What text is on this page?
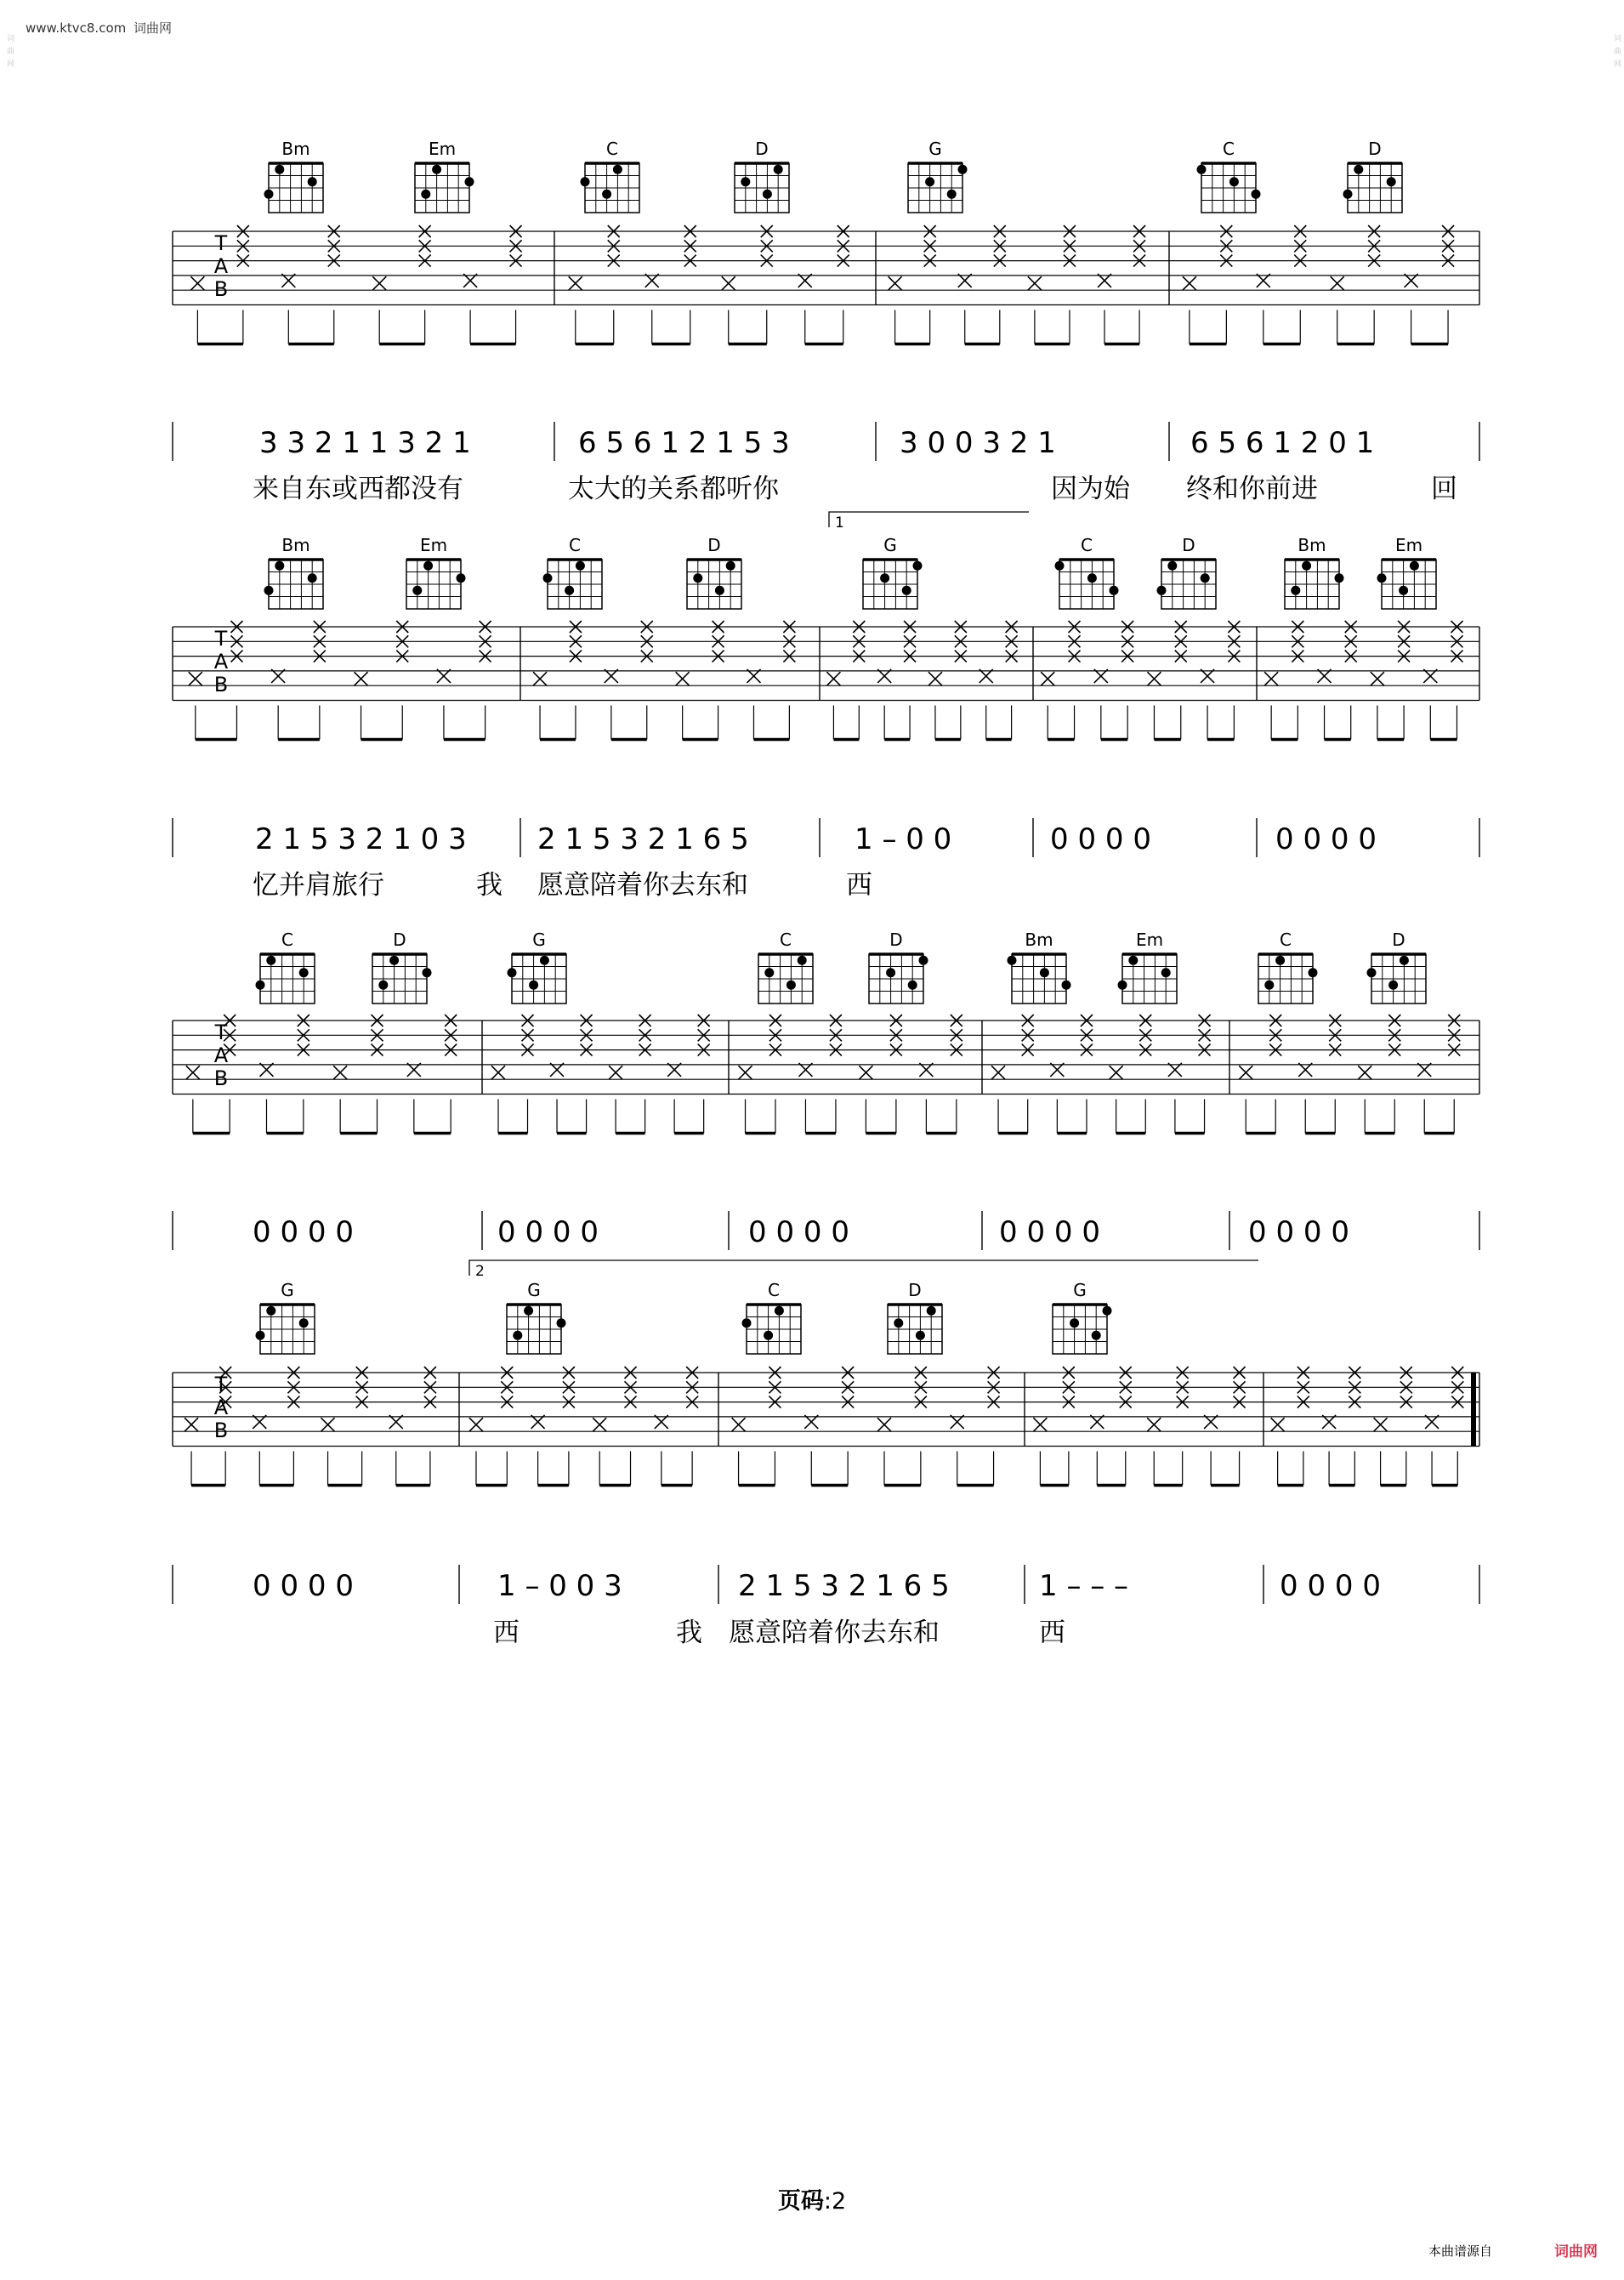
www.ktvc8.com 词曲网
词曲网	词曲网
T
A
B
Bm	Em	C	D	G	C	D
3 3 2 1 1 3 2 1	6 5 6 1 2 1 5 3	3 0 0 3 2 1	6 5 6 1 2 0 1
来自东或西都没有	太大的关系都听你	因为始 终和你前进	回
T
A
B
Bm	Em	C	D	G	C	D	Bm	Em
2 1 5 3 2 1 0 3 2 1 5 3 2 1 6 5	1 – 0 0	0 0 0 0	0 0 0 0
忆并肩旅行	我 愿意陪着你去东和	西
T
A
B
C	D	G	C	D	Bm	Em	C	D
0 0 0 0	0 0 0 0	0 0 0 0	0 0 0 0	0 0 0 0
T
A
B
G	G	C	D	G
0 0 0 0	1 – 0 0 3	2 1 5 3 2 1 6 5	1 – – –	0 0 0 0
西	我 愿意陪着你去东和	西
1
2
页码:2
本曲谱源自	词曲网
